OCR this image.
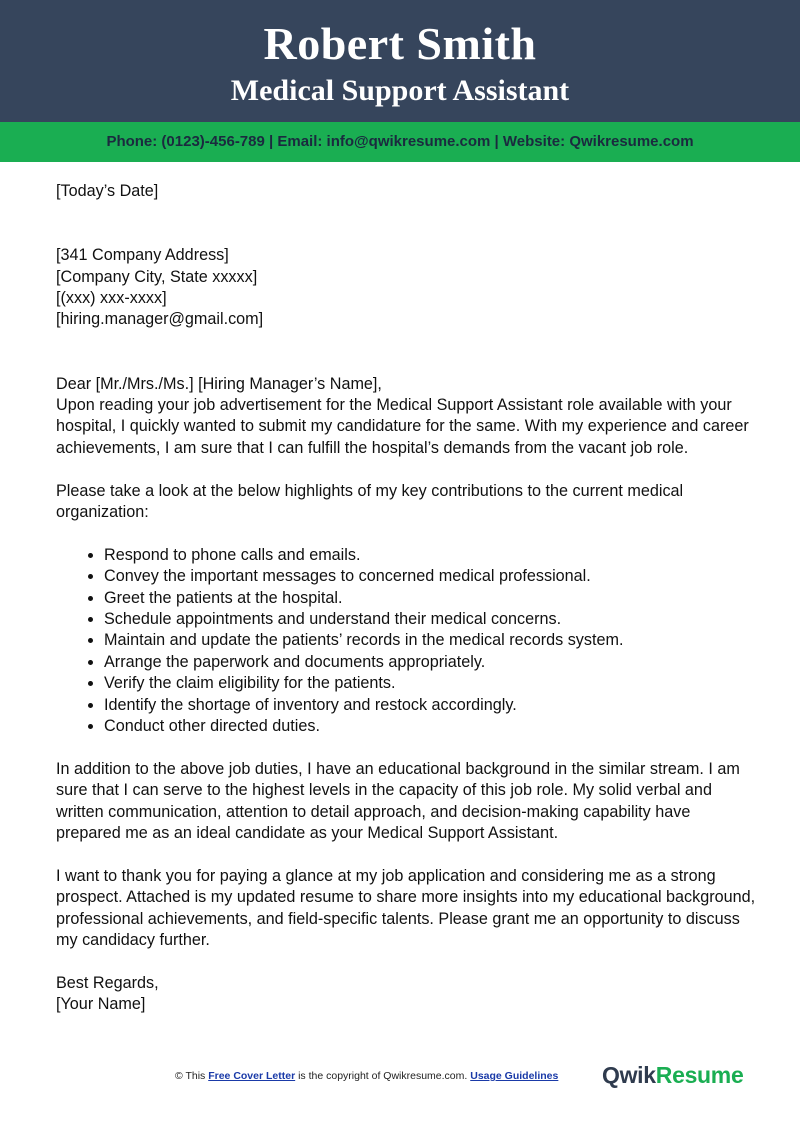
Robert Smith
Medical Support Assistant
Phone: (0123)-456-789 | Email: info@qwikresume.com | Website: Qwikresume.com

[Today’s Date]

[341 Company Address]

[Company City, State xxxxx]

[(xxx) xxx-xxxx]

[hiring.manager@gmail.com]

Dear [Mr./Mrs./Ms.] [Hiring Manager’s Name],

Upon reading your job advertisement for the Medical Support Assistant role available with your hospital, I quickly wanted to submit my candidature for the same. With my experience and career achievements, I am sure that I can fulfill the hospital’s demands from the vacant job role.

Please take a look at the below highlights of my key contributions to the current medical organization:

• Respond to phone calls and emails.
• Convey the important messages to concerned medical professional.
• Greet the patients at the hospital.
• Schedule appointments and understand their medical concerns.
• Maintain and update the patients’ records in the medical records system.
• Arrange the paperwork and documents appropriately.
• Verify the claim eligibility for the patients.
• Identify the shortage of inventory and restock accordingly.
• Conduct other directed duties.

In addition to the above job duties, I have an educational background in the similar stream. I am sure that I can serve to the highest levels in the capacity of this job role. My solid verbal and written communication, attention to detail approach, and decision-making capability have prepared me as an ideal candidate as your Medical Support Assistant.

I want to thank you for paying a glance at my job application and considering me as a strong prospect. Attached is my updated resume to share more insights into my educational background, professional achievements, and field-specific talents. Please grant me an opportunity to discuss my candidacy further.

Best Regards,

[Your Name]

© This Free Cover Letter is the copyright of Qwikresume.com. Usage Guidelines QwikResume
